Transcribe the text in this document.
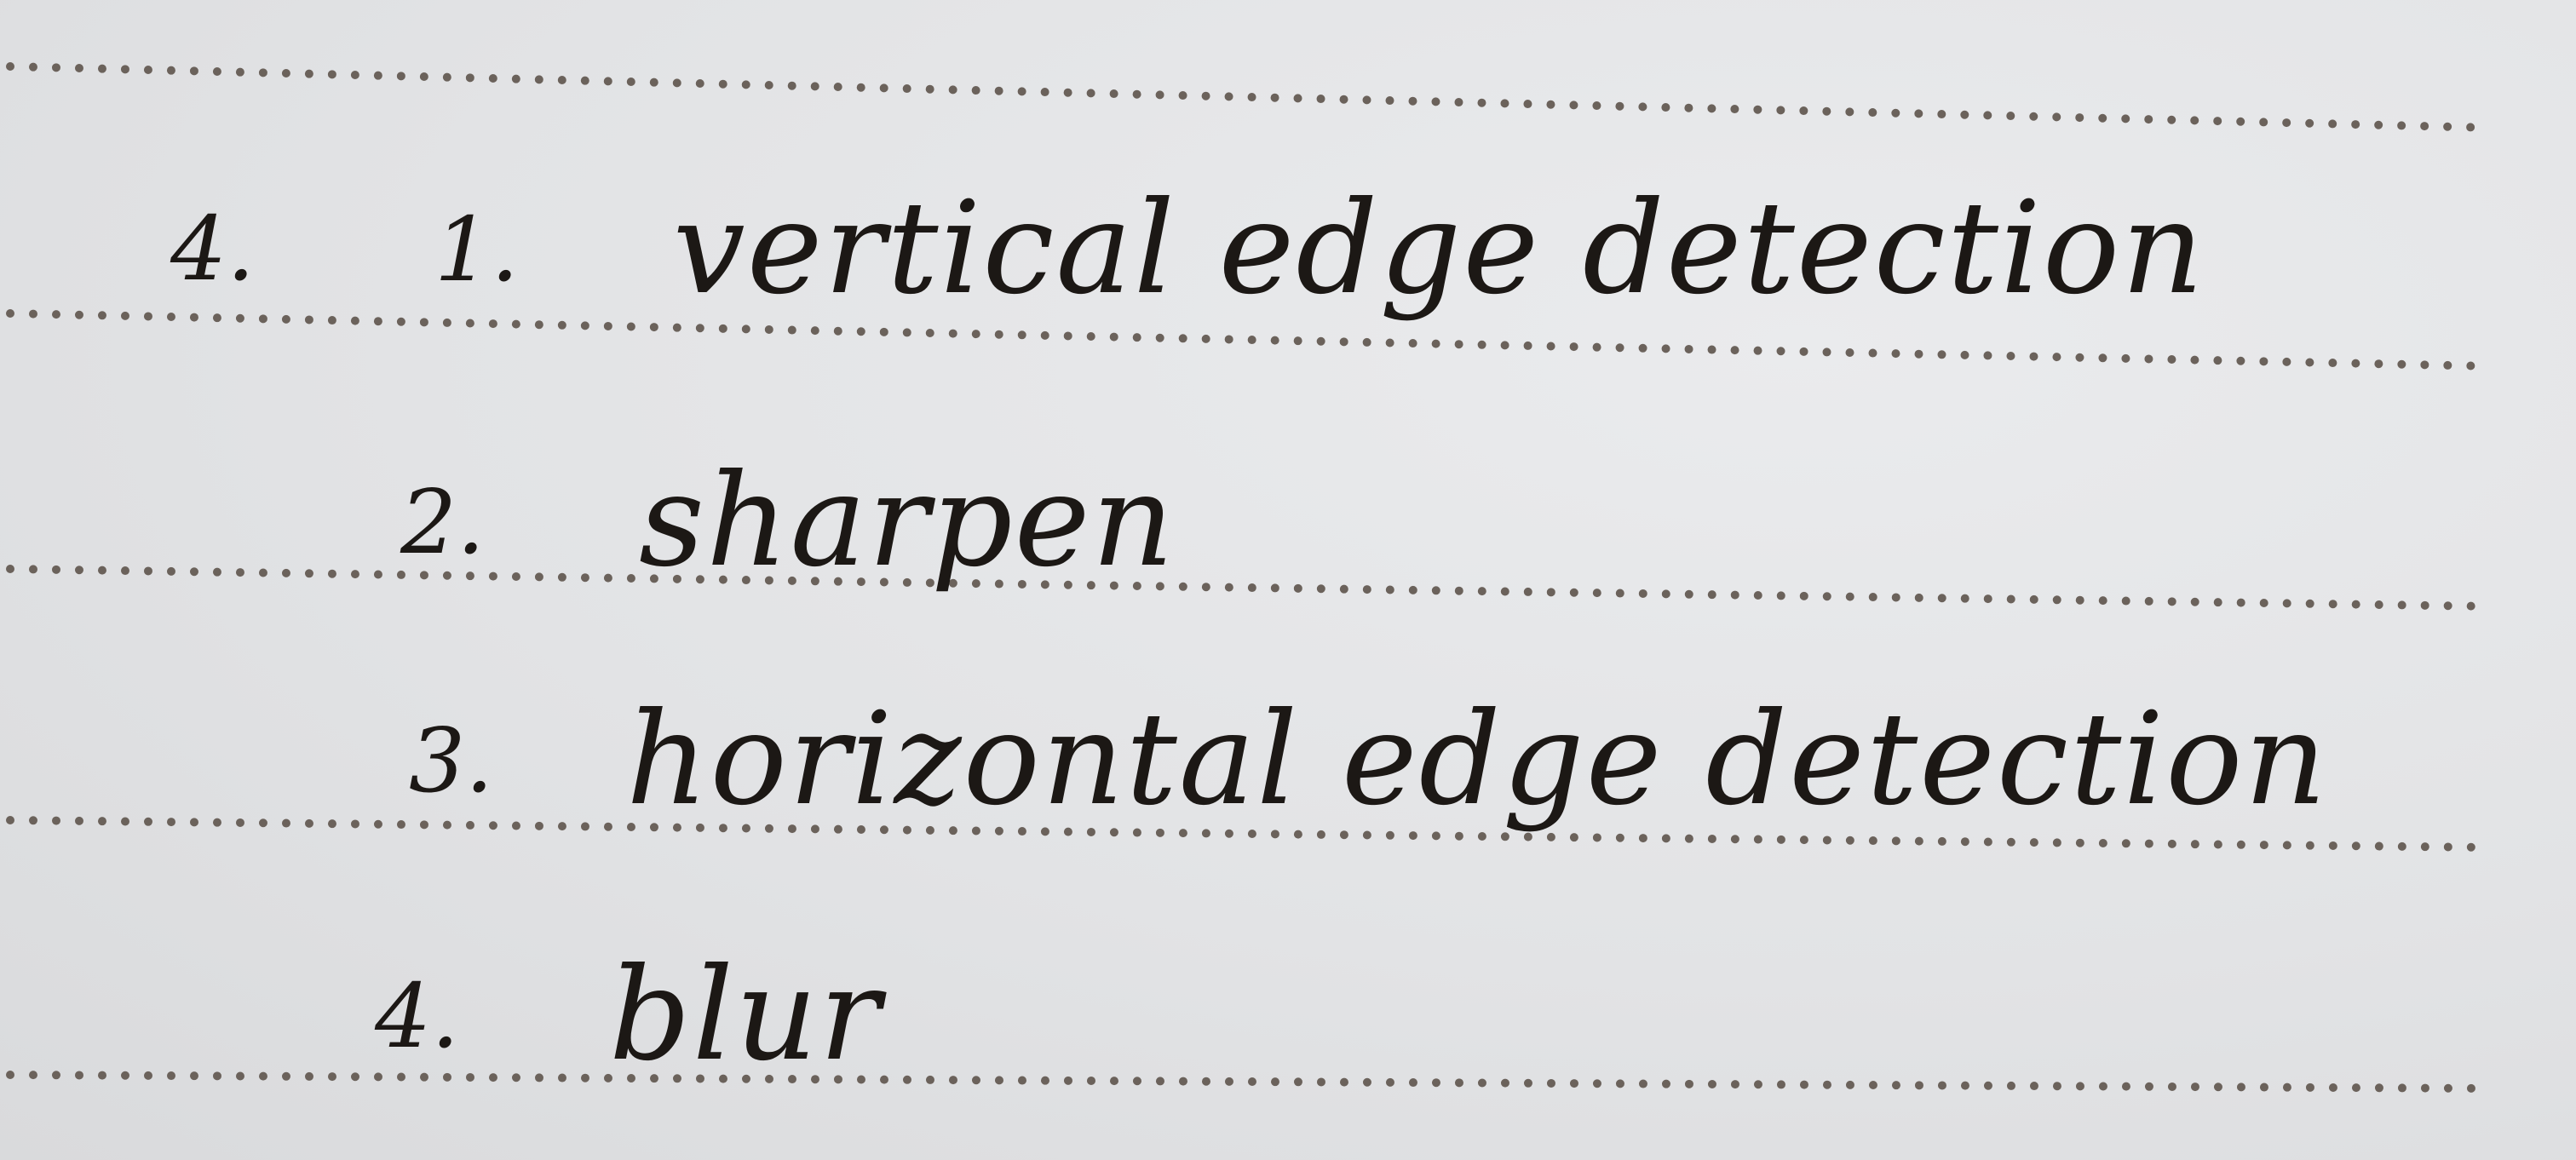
4. 1. vertical edge detection
2. sharpen
3. horizontal edge detection
4. blur
